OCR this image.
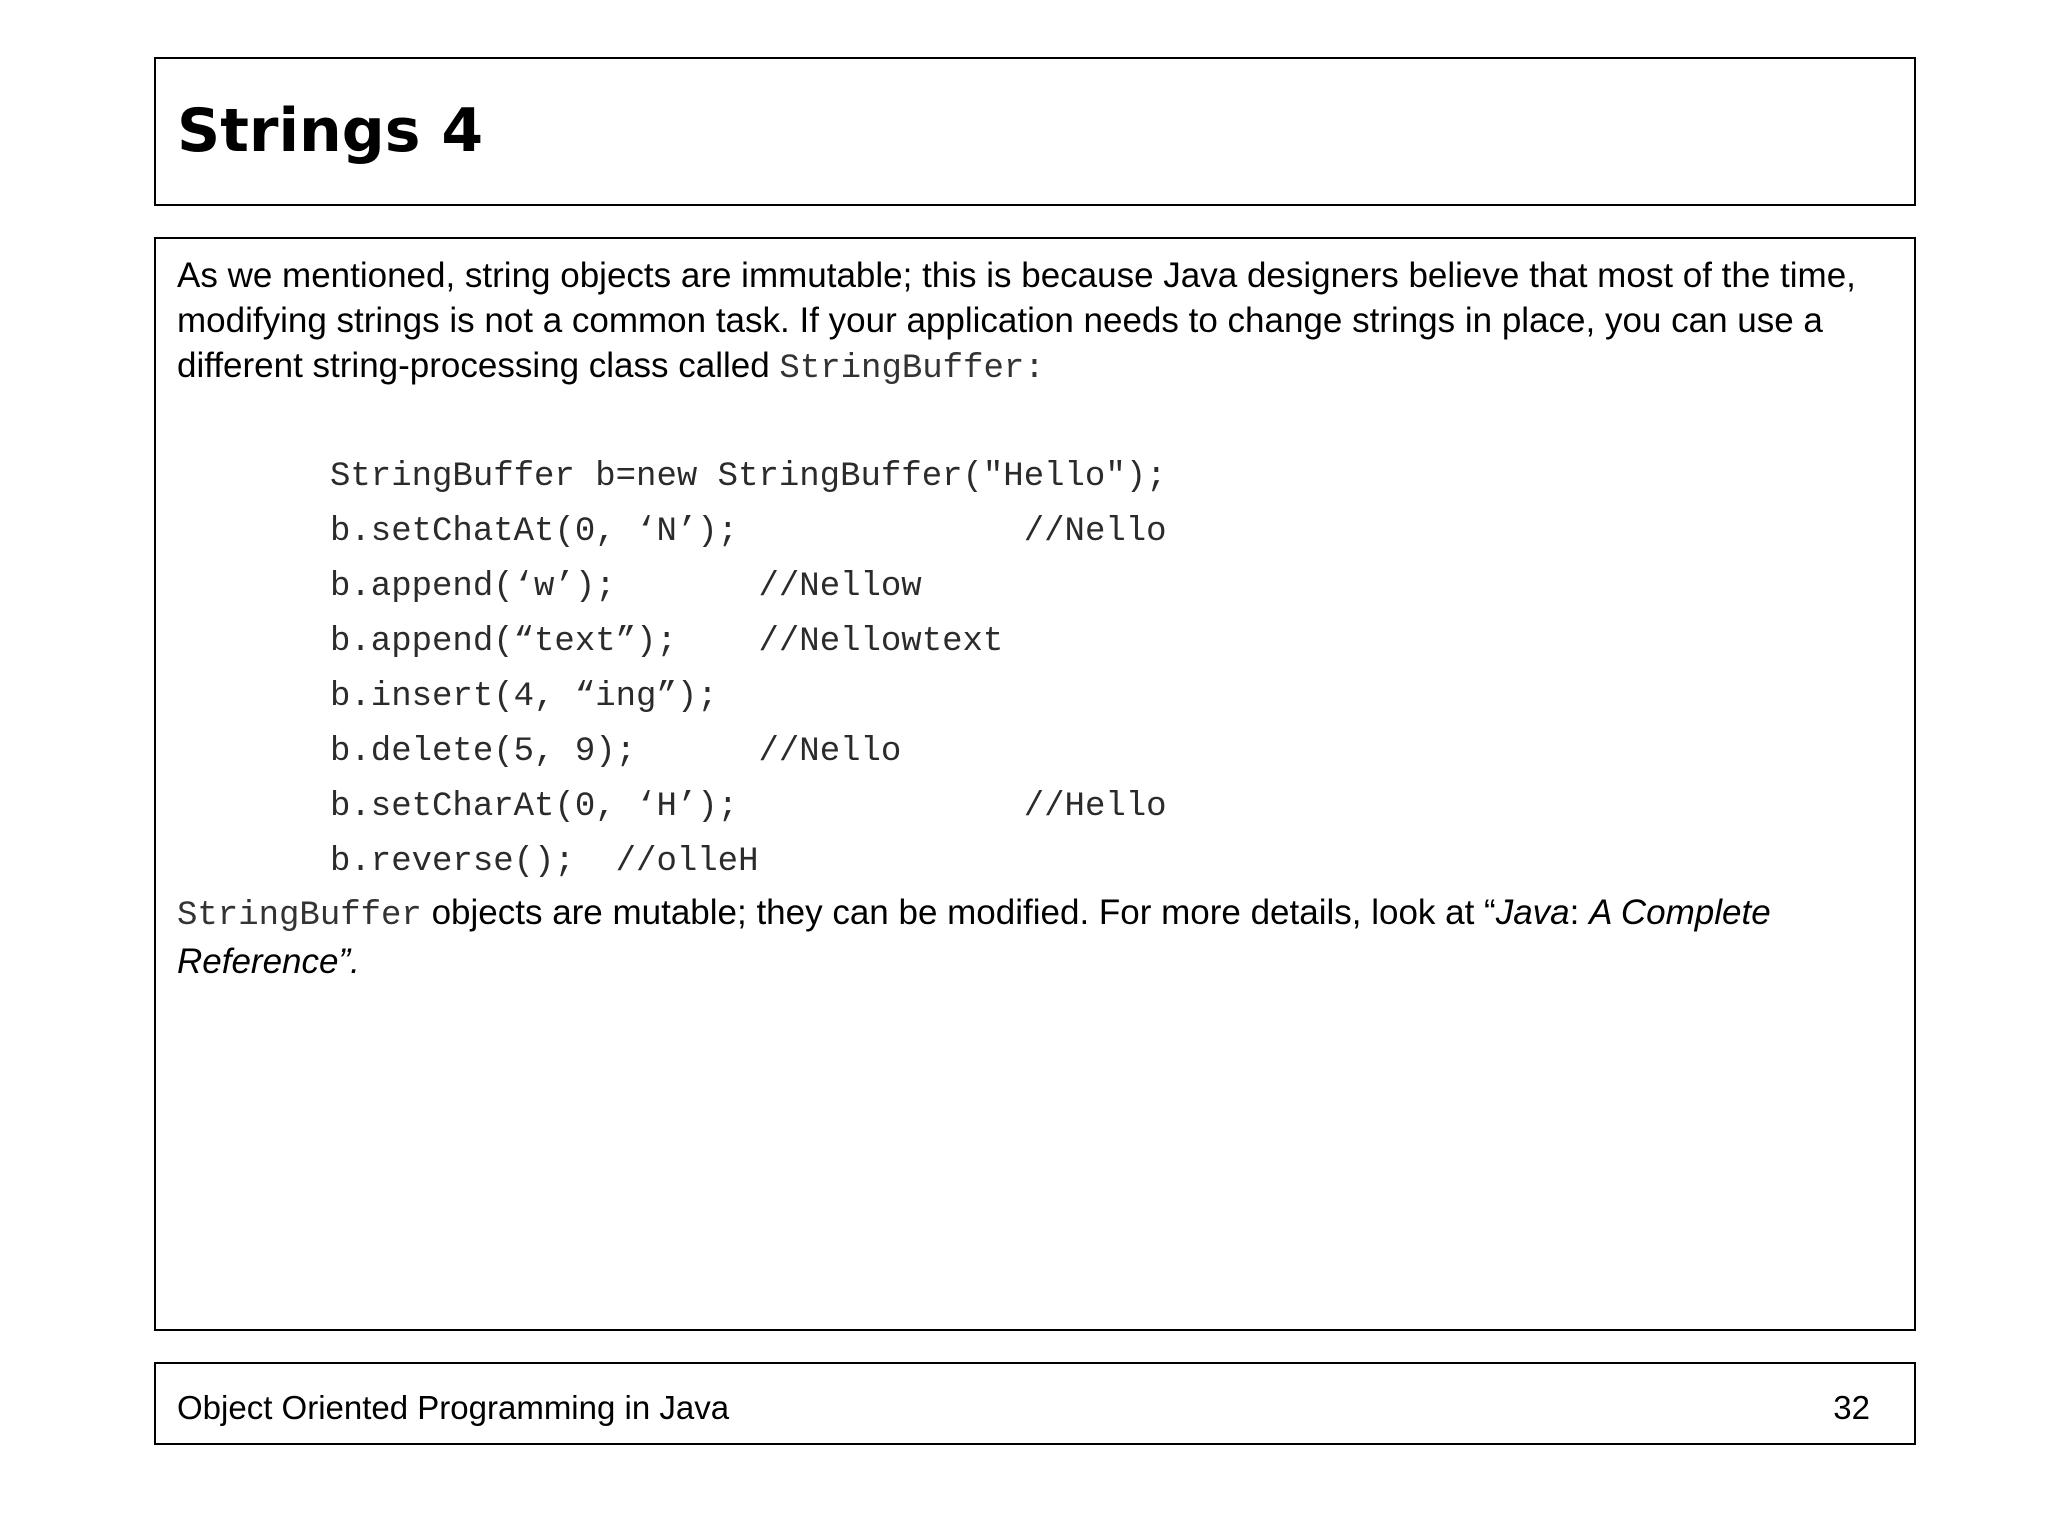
Strings 4

As we mentioned, string objects are immutable; this is because Java designers believe that most of the time, modifying strings is not a common task. If your application needs to change strings in place, you can use a different string-processing class called StringBuffer:

StringBuffer b=new StringBuffer("Hello");
b.setChatAt(0, ‘N’);	//Nello
b.append(‘w’);	//Nellow
b.append(“text”); //Nellowtext
b.insert(4, “ing”);
b.delete(5, 9);	//Nello
b.setCharAt(0, ‘H’);	//Hello
b.reverse(); //olleH

StringBuffer objects are mutable; they can be modified. For more details, look at “Java: A Complete Reference”.

Object Oriented Programming in Java	32
